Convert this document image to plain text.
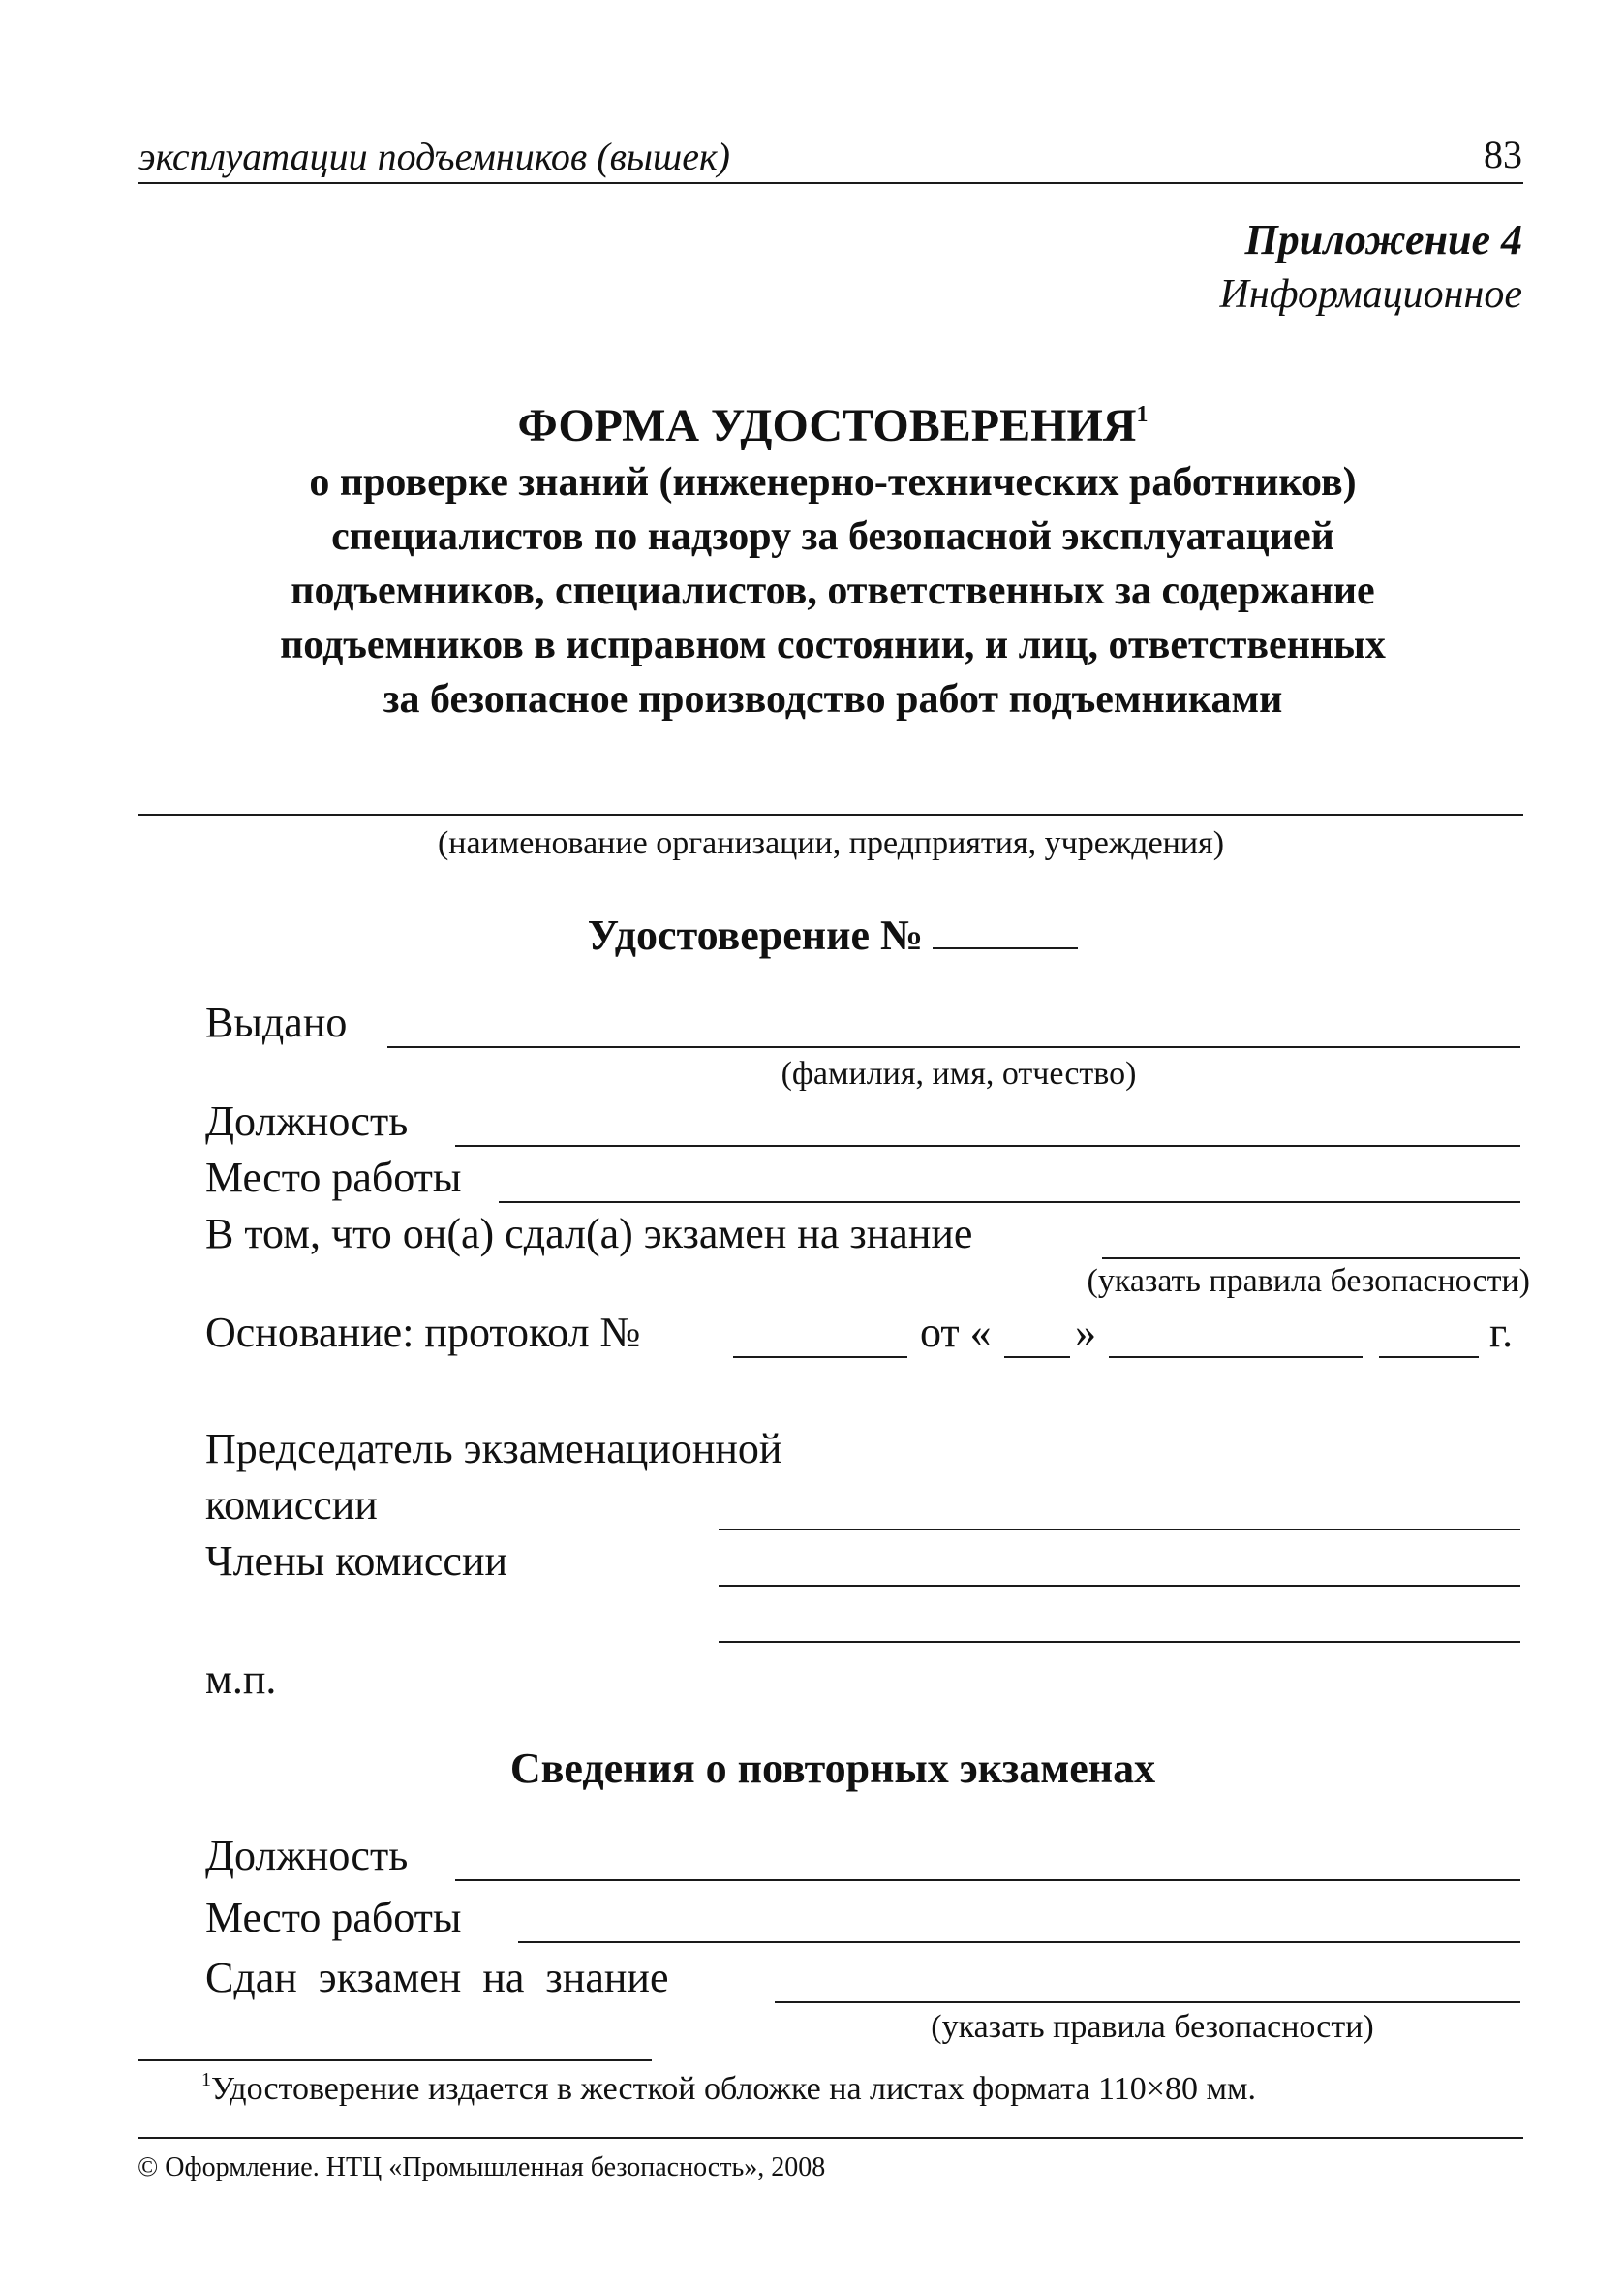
эксплуатации подъемников (вышек)	83
Приложение 4
Информационное
ФОРМА УДОСТОВЕРЕНИЯ$^1$
о проверке знаний (инженерно-технических работников)
специалистов по надзору за безопасной эксплуатацией
подъемников, специалистов, ответственных за содержание
подъемников в исправном состоянии, и лиц, ответственных
за безопасное производство работ подъемниками
(наименование организации, предприятия, учреждения)
Удостоверение №
Выдано
(фамилия, имя, отчество)
Должность
Место работы
В том, что он(а) сдал(а) экзамен на знание
(указать правила безопасности)
Основание: протокол №	от « »	г.
Председатель экзаменационной
комиссии
Члены комиссии
м.п.
Сведения о повторных экзаменах
Должность
Место работы
Сдан  экзамен  на  знание
(указать правила безопасности)
$^1$Удостоверение издается в жесткой обложке на листах формата 110×80 мм.
© Оформление. НТЦ «Промышленная безопасность», 2008
